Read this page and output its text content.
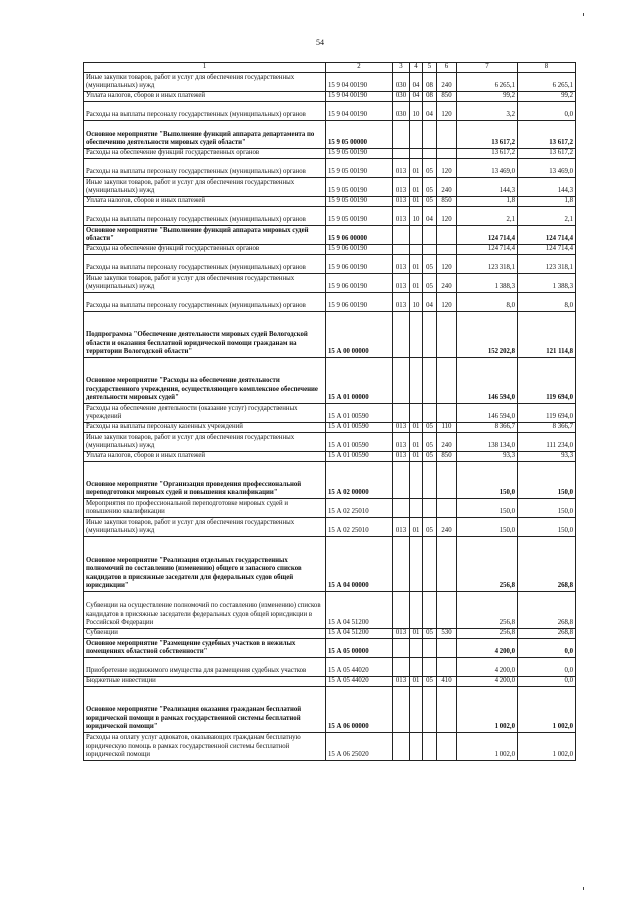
54
1	2	3	4	5	6	7	8
Иные закупки товаров, работ и услуг для обеспечения государственных (муниципальных) нужд	15 9 04 00190	030	04	08	240	6 265,1	6 265,1
Уплата налогов, сборов и иных платежей	15 9 04 00190	030	04	08	850	99,2	99,2
Расходы на выплаты персоналу государственных (муниципальных) органов	15 9 04 00190	030	10	04	120	3,2	0,0
Основное мероприятие "Выполнение функций аппарата департамента по обеспечению деятельности мировых судей области"	15 9 05 00000					13 617,2	13 617,2
Расходы на обеспечение функций государственных органов	15 9 05 00190					13 617,2	13 617,2
Расходы на выплаты персоналу государственных (муниципальных) органов	15 9 05 00190	013	01	05	120	13 469,0	13 469,0
Иные закупки товаров, работ и услуг для обеспечения государственных (муниципальных) нужд	15 9 05 00190	013	01	05	240	144,3	144,3
Уплата налогов, сборов и иных платежей	15 9 05 00190	013	01	05	850	1,8	1,8
Расходы на выплаты персоналу государственных (муниципальных) органов	15 9 05 00190	013	10	04	120	2,1	2,1
Основное мероприятие "Выполнение функций аппарата мировых судей области"	15 9 06 00000					124 714,4	124 714,4
Расходы на обеспечение функций государственных органов	15 9 06 00190					124 714,4	124 714,4
Расходы на выплаты персоналу государственных (муниципальных) органов	15 9 06 00190	013	01	05	120	123 318,1	123 318,1
Иные закупки товаров, работ и услуг для обеспечения государственных (муниципальных) нужд	15 9 06 00190	013	01	05	240	1 388,3	1 388,3
Расходы на выплаты персоналу государственных (муниципальных) органов	15 9 06 00190	013	10	04	120	8,0	8,0
Подпрограмма "Обеспечение деятельности мировых судей Вологодской области и оказания бесплатной юридической помощи гражданам на территории Вологодской области"	15 А 00 00000					152 202,8	121 114,8
Основное мероприятие "Расходы на обеспечение деятельности государственного учреждения, осуществляющего комплексное обеспечение деятельности мировых судей"	15 А 01 00000					146 594,0	119 694,0
Расходы на обеспечение деятельности (оказание услуг) государственных учреждений	15 А 01 00590					146 594,0	119 694,0
Расходы на выплаты персоналу казенных учреждений	15 А 01 00590	013	01	05	110	8 366,7	8 366,7
Иные закупки товаров, работ и услуг для обеспечения государственных (муниципальных) нужд	15 А 01 00590	013	01	05	240	138 134,0	111 234,0
Уплата налогов, сборов и иных платежей	15 А 01 00590	013	01	05	850	93,3	93,3
Основное мероприятие "Организация проведения профессиональной переподготовки мировых судей и повышения квалификации"	15 А 02 00000					150,0	150,0
Мероприятия по профессиональной переподготовке мировых судей и повышению квалификации	15 А 02 25010					150,0	150,0
Иные закупки товаров, работ и услуг для обеспечения государственных (муниципальных) нужд	15 А 02 25010	013	01	05	240	150,0	150,0
Основное мероприятие "Реализация отдельных государственных полномочий по составлению (изменению) общего и запасного списков кандидатов в присяжные заседатели для федеральных судов общей юрисдикции"	15 А 04 00000					256,8	268,8
Субвенции на осуществление полномочий по составлению (изменению) списков кандидатов в присяжные заседатели федеральных судов общей юрисдикции в Российской Федерации	15 А 04 51200					256,8	268,8
Субвенции	15 А 04 51200	013	01	05	530	256,8	268,8
Основное мероприятие "Размещение судебных участков в нежилых помещениях областной собственности"	15 А 05 00000					4 200,0	0,0
Приобретение недвижимого имущества для размещения судебных участков	15 А 05 44020					4 200,0	0,0
Бюджетные инвестиции	15 А 05 44020	013	01	05	410	4 200,0	0,0
Основное мероприятие "Реализация оказания гражданам бесплатной юридической помощи в рамках государственной системы бесплатной юридической помощи"	15 А 06 00000					1 002,0	1 002,0
Расходы на оплату услуг адвокатов, оказывающих гражданам бесплатную юридическую помощь в рамках государственной системы бесплатной юридической помощи	15 А 06 25020					1 002,0	1 002,0
